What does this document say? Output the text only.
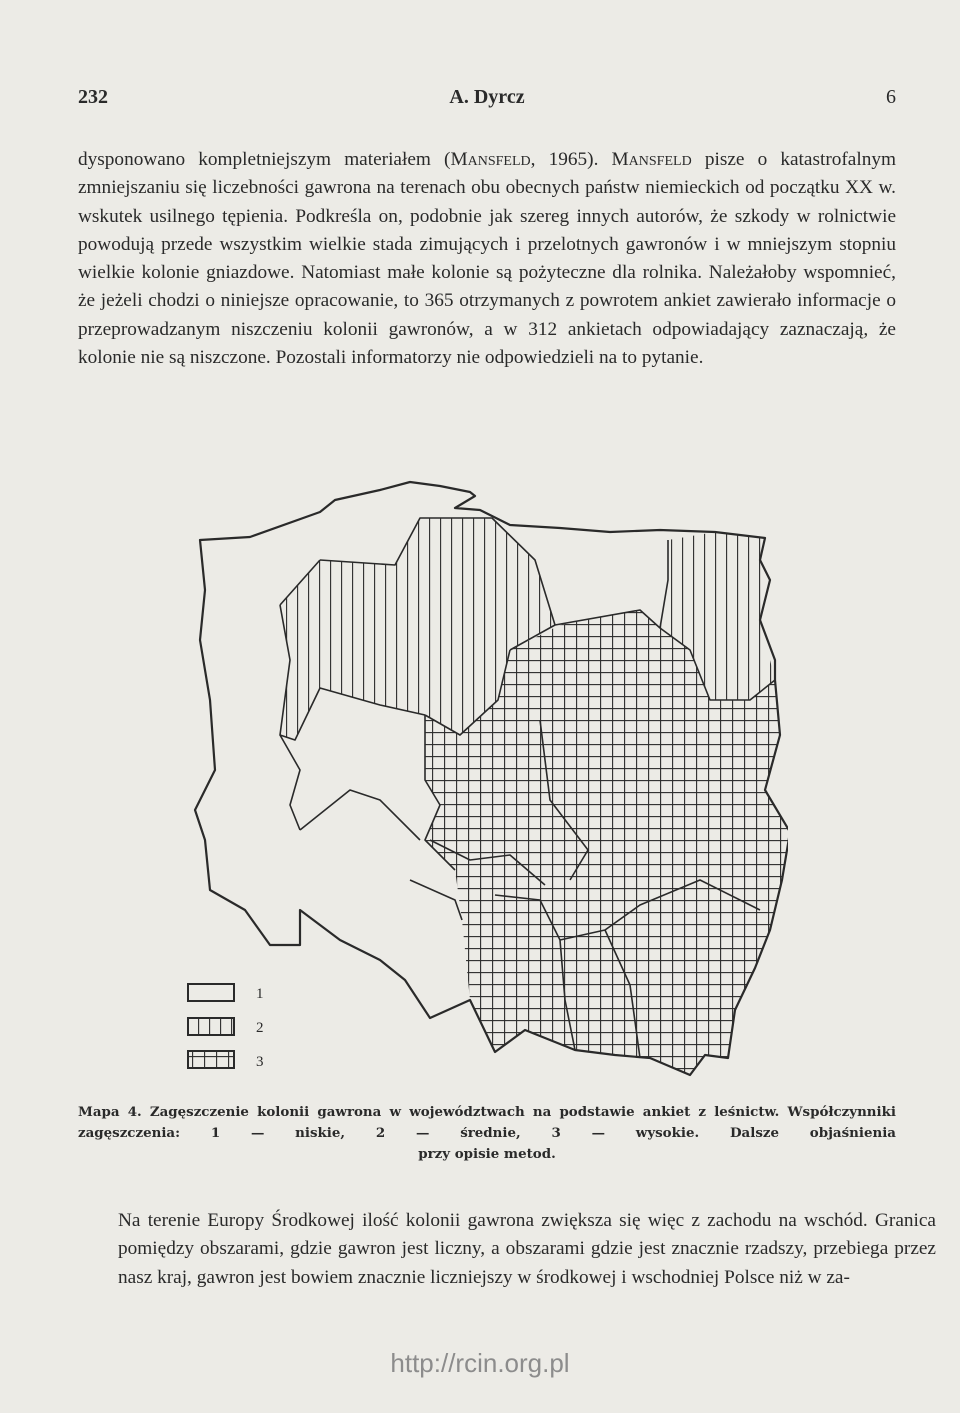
232	A. Dyrcz	6

dysponowano kompletniejszym materiałem (Mansfeld, 1965). Mansfeld pisze o katastrofalnym zmniejszaniu się liczebności gawrona na terenach obu obecnych państw niemieckich od początku XX w. wskutek usilnego tępienia. Podkreśla on, podobnie jak szereg innych autorów, że szkody w rolnictwie powodują przede wszystkim wielkie stada zimujących i przelotnych gawronów i w mniejszym stopniu wielkie kolonie gniazdowe. Natomiast małe kolonie są pożyteczne dla rolnika. Należałoby wspomnieć, że jeżeli chodzi o niniejsze opracowanie, to 365 otrzymanych z powrotem ankiet zawierało informacje o przeprowadzanym niszczeniu kolonii gawronów, a w 312 ankietach odpowiadający zaznaczają, że kolonie nie są niszczone. Pozostali informatorzy nie odpowiedzieli na to pytanie.

1
2
3

Mapa 4. Zagęszczenie kolonii gawrona w województwach na podstawie ankiet z leśnictw. Współczynniki zagęszczenia: 1 — niskie, 2 — średnie, 3 — wysokie. Dalsze objaśnienia
przy opisie metod.

Na terenie Europy Środkowej ilość kolonii gawrona zwiększa się więc z zachodu na wschód. Granica pomiędzy obszarami, gdzie gawron jest liczny, a obszarami gdzie jest znacznie rzadszy, przebiega przez nasz kraj, gawron jest bowiem znacznie liczniejszy w środkowej i wschodniej Polsce niż w za-

http://rcin.org.pl
